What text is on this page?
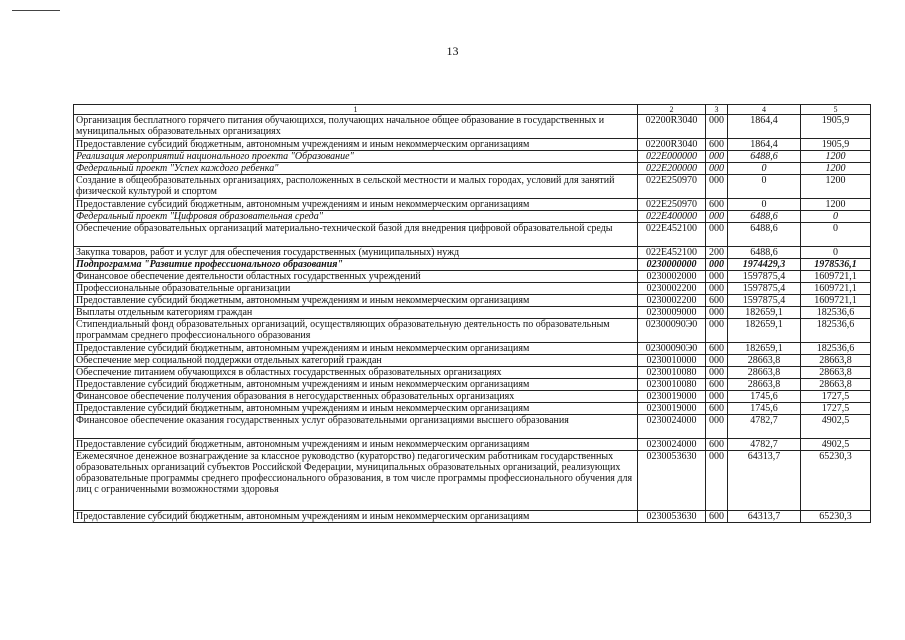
13
1	2	3	4	5
Организация бесплатного горячего питания обучающихся, получающих начальное общее образование в государственных и муниципальных образовательных организациях	02200R3040	000	1864,4	1905,9
Предоставление субсидий бюджетным, автономным учреждениям и иным некоммерческим организациям	02200R3040	600	1864,4	1905,9
Реализация мероприятий национального проекта "Образование"	022E000000	000	6488,6	1200
Федеральный проект "Успех каждого ребенка"	022E200000	000	0	1200
Создание в общеобразовательных организациях, расположенных в сельской местности и малых городах, условий для занятий физической культурой и спортом	022E250970	000	0	1200
Предоставление субсидий бюджетным, автономным учреждениям и иным некоммерческим организациям	022E250970	600	0	1200
Федеральный проект "Цифровая образовательная среда"	022E400000	000	6488,6	0
Обеспечение образовательных организаций материально-технической базой для внедрения цифровой образовательной среды	022E452100	000	6488,6	0
Закупка товаров, работ и услуг для обеспечения государственных (муниципальных) нужд	022E452100	200	6488,6	0
Подпрограмма "Развитие профессионального образования"	0230000000	000	1974429,3	1978536,1
Финансовое обеспечение деятельности областных государственных учреждений	0230002000	000	1597875,4	1609721,1
Профессиональные образовательные организации	0230002200	000	1597875,4	1609721,1
Предоставление субсидий бюджетным, автономным учреждениям и иным некоммерческим организациям	0230002200	600	1597875,4	1609721,1
Выплаты отдельным категориям граждан	0230009000	000	182659,1	182536,6
Стипендиальный фонд образовательных организаций, осуществляющих образовательную деятельность по образовательным программам среднего профессионального образования	02300090Э0	000	182659,1	182536,6
Предоставление субсидий бюджетным, автономным учреждениям и иным некоммерческим организациям	02300090Э0	600	182659,1	182536,6
Обеспечение мер социальной поддержки отдельных категорий граждан	0230010000	000	28663,8	28663,8
Обеспечение питанием обучающихся в областных государственных образовательных организациях	0230010080	000	28663,8	28663,8
Предоставление субсидий бюджетным, автономным учреждениям и иным некоммерческим организациям	0230010080	600	28663,8	28663,8
Финансовое обеспечение получения образования в негосударственных образовательных организациях	0230019000	000	1745,6	1727,5
Предоставление субсидий бюджетным, автономным учреждениям и иным некоммерческим организациям	0230019000	600	1745,6	1727,5
Финансовое обеспечение оказания государственных услуг образовательными организациями высшего образования	0230024000	000	4782,7	4902,5
Предоставление субсидий бюджетным, автономным учреждениям и иным некоммерческим организациям	0230024000	600	4782,7	4902,5
Ежемесячное денежное вознаграждение за классное руководство (кураторство) педагогическим работникам государственных образовательных организаций субъектов Российской Федерации, муниципальных образовательных организаций, реализующих образовательные программы среднего профессионального образования, в том числе программы профессионального обучения для лиц с ограниченными возможностями здоровья	0230053630	000	64313,7	65230,3
Предоставление субсидий бюджетным, автономным учреждениям и иным некоммерческим организациям	0230053630	600	64313,7	65230,3
